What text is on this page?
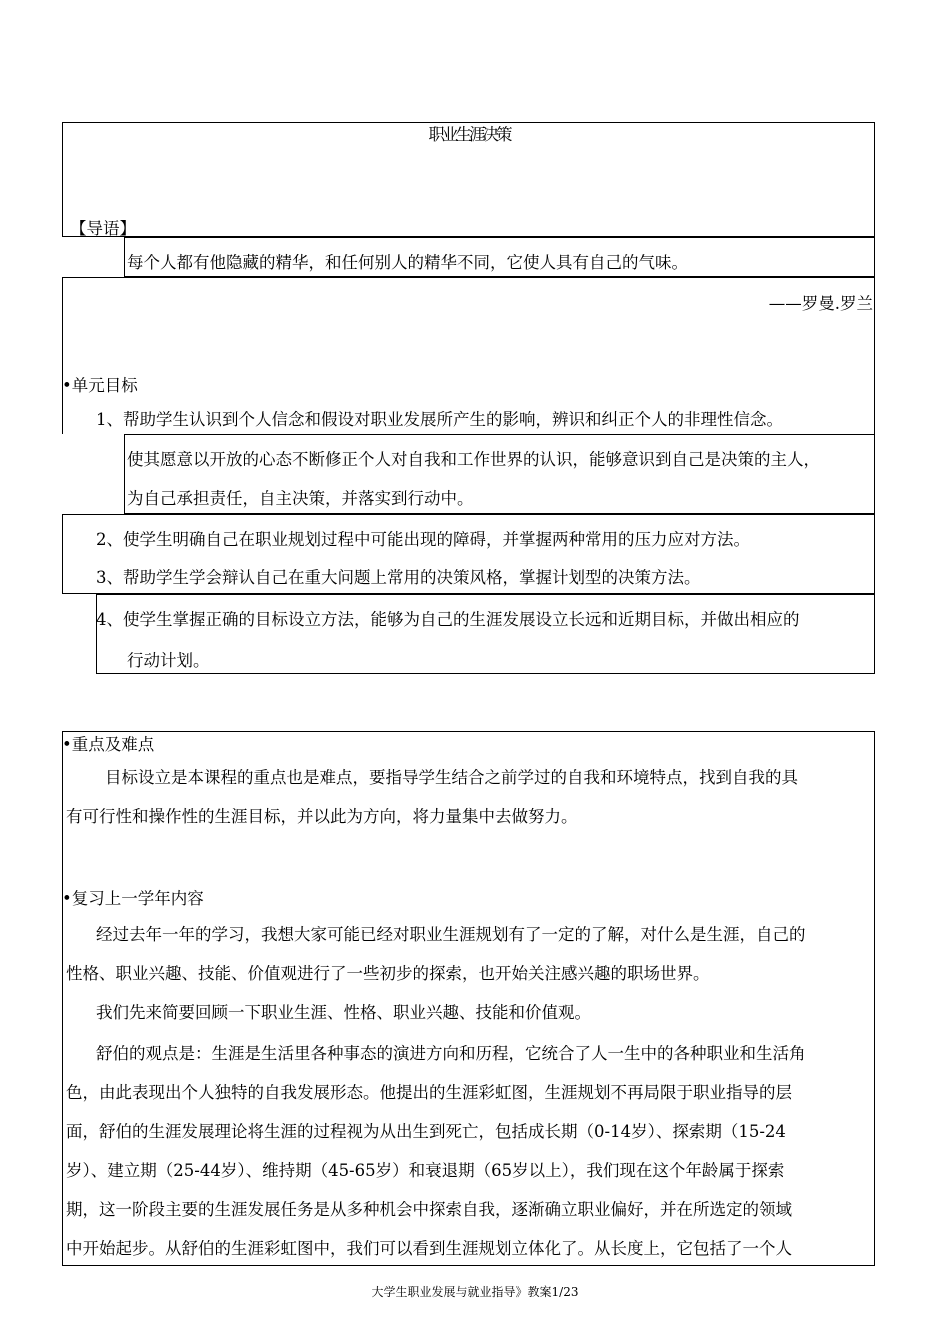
职业生涯决策
【导语】
每个人都有他隐藏的精华，和任何别人的精华不同，它使人具有自己的气味。
——罗曼.罗兰
• 单元目标
1、帮助学生认识到个人信念和假设对职业发展所产生的影响，辨识和纠正个人的非理性信念。
使其愿意以开放的心态不断修正个人对自我和工作世界的认识，能够意识到自己是决策的主人，
为自己承担责任，自主决策，并落实到行动中。
2、使学生明确自己在职业规划过程中可能出现的障碍，并掌握两种常用的压力应对方法。
3、帮助学生学会辩认自己在重大问题上常用的决策风格，掌握计划型的决策方法。
4、使学生掌握正确的目标设立方法，能够为自己的生涯发展设立长远和近期目标，并做出相应的
行动计划。
• 重点及难点
目标设立是本课程的重点也是难点，要指导学生结合之前学过的自我和环境特点，找到自我的具
有可行性和操作性的生涯目标，并以此为方向，将力量集中去做努力。
• 复习上一学年内容
经过去年一年的学习，我想大家可能已经对职业生涯规划有了一定的了解，对什么是生涯，自己的
性格、职业兴趣、技能、价值观进行了一些初步的探索，也开始关注感兴趣的职场世界。
我们先来简要回顾一下职业生涯、性格、职业兴趣、技能和价值观。
舒伯的观点是：生涯是生活里各种事态的演进方向和历程，它统合了人一生中的各种职业和生活角
色，由此表现出个人独特的自我发展形态。他提出的生涯彩虹图，生涯规划不再局限于职业指导的层
面，舒伯的生涯发展理论将生涯的过程视为从出生到死亡，包括成长期（0-14岁）、探索期（15-24
岁）、建立期（25-44岁）、维持期（45-65岁）和衰退期（65岁以上），我们现在这个年龄属于探索
期，这一阶段主要的生涯发展任务是从多种机会中探索自我，逐渐确立职业偏好，并在所选定的领域
中开始起步。从舒伯的生涯彩虹图中，我们可以看到生涯规划立体化了。从长度上，它包括了一个人
大学生职业发展与就业指导》教案1/23
